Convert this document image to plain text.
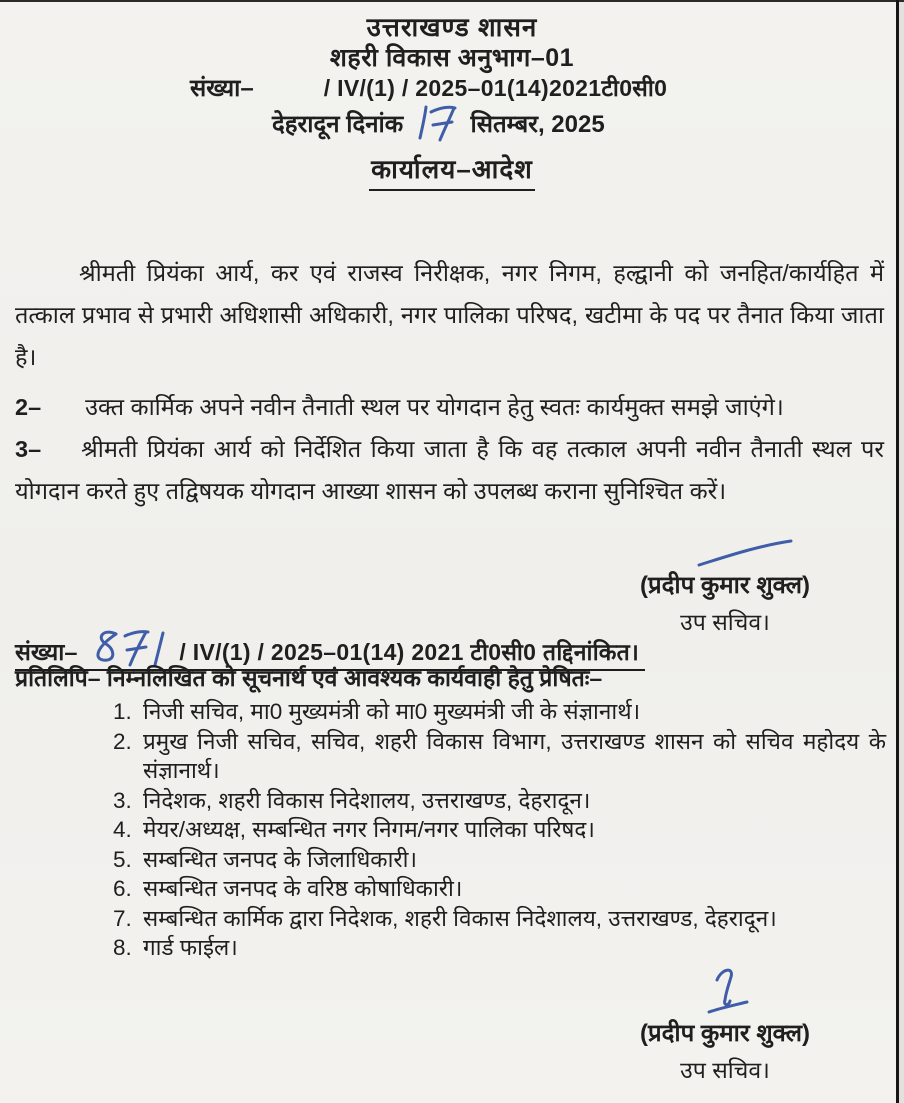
उत्तराखण्ड शासन
शहरी विकास अनुभाग–01
संख्या–	/ IV/(1) / 2025–01(14)2021टी0सी0
देहरादून दिनांक	सितम्बर, 2025
कार्यालय–आदेश

श्रीमती प्रियंका आर्य, कर एवं राजस्व निरीक्षक, नगर निगम, हल्द्वानी को जनहित/कार्यहित में तत्काल प्रभाव से प्रभारी अधिशासी अधिकारी, नगर पालिका परिषद, खटीमा के पद पर तैनात किया जाता है।

2– उक्त कार्मिक अपने नवीन तैनाती स्थल पर योगदान हेतु स्वतः कार्यमुक्त समझे जाएंगे।

3– श्रीमती प्रियंका आर्य को निर्देशित किया जाता है कि वह तत्काल अपनी नवीन तैनाती स्थल पर योगदान करते हुए तद्विषयक योगदान आख्या शासन को उपलब्ध कराना सुनिश्चित करें।

(प्रदीप कुमार शुक्ल)
उप सचिव।
संख्या–	/ IV/(1) / 2025–01(14) 2021 टी0सी0 तद्दिनांकित।
प्रतिलिपि– निम्नलिखित को सूचनार्थ एवं आवश्यक कार्यवाही हेतु प्रेषितः–
1. निजी सचिव, मा0 मुख्यमंत्री को मा0 मुख्यमंत्री जी के संज्ञानार्थ।
2. प्रमुख निजी सचिव, सचिव, शहरी विकास विभाग, उत्तराखण्ड शासन को सचिव महोदय के संज्ञानार्थ।
3. निदेशक, शहरी विकास निदेशालय, उत्तराखण्ड, देहरादून।
4. मेयर/अध्यक्ष, सम्बन्धित नगर निगम/नगर पालिका परिषद।
5. सम्बन्धित जनपद के जिलाधिकारी।
6. सम्बन्धित जनपद के वरिष्ठ कोषाधिकारी।
7. सम्बन्धित कार्मिक द्वारा निदेशक, शहरी विकास निदेशालय, उत्तराखण्ड, देहरादून।
8. गार्ड फाईल।
(प्रदीप कुमार शुक्ल)
उप सचिव।
